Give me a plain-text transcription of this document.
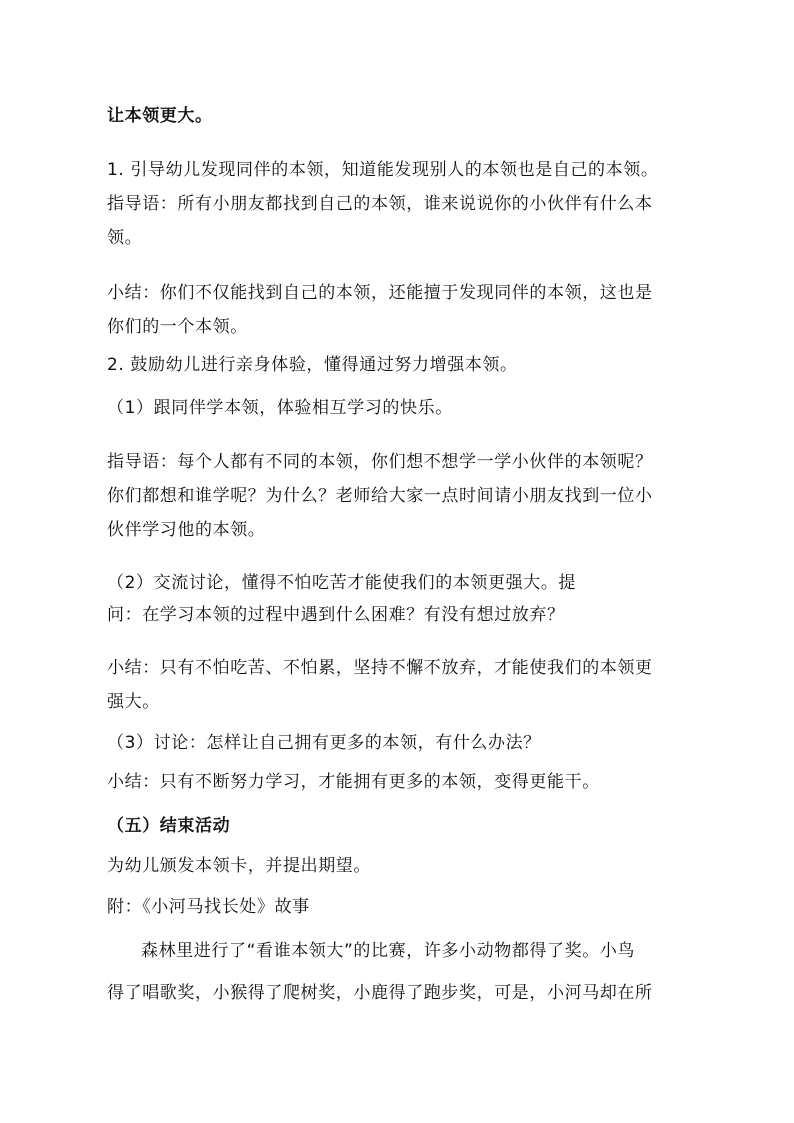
让本领更大。
1. 引导幼儿发现同伴的本领，知道能发现别人的本领也是自己的本领。
指导语：所有小朋友都找到自己的本领，谁来说说你的小伙伴有什么本
领。
小结：你们不仅能找到自己的本领，还能擅于发现同伴的本领，这也是
你们的一个本领。
2. 鼓励幼儿进行亲身体验，懂得通过努力增强本领。
（1）跟同伴学本领，体验相互学习的快乐。
指导语：每个人都有不同的本领，你们想不想学一学小伙伴的本领呢？
你们都想和谁学呢？为什么？老师给大家一点时间请小朋友找到一位小
伙伴学习他的本领。
（2）交流讨论，懂得不怕吃苦才能使我们的本领更强大。提
问：在学习本领的过程中遇到什么困难？有没有想过放弃？
小结：只有不怕吃苦、不怕累，坚持不懈不放弃，才能使我们的本领更
强大。
（3）讨论：怎样让自己拥有更多的本领，有什么办法？
小结：只有不断努力学习，才能拥有更多的本领，变得更能干。
（五）结束活动
为幼儿颁发本领卡，并提出期望。
附：《小河马找长处》故事
森林里进行了“看谁本领大”的比赛，许多小动物都得了奖。小鸟
得了唱歌奖，小猴得了爬树奖，小鹿得了跑步奖，可是，小河马却在所
